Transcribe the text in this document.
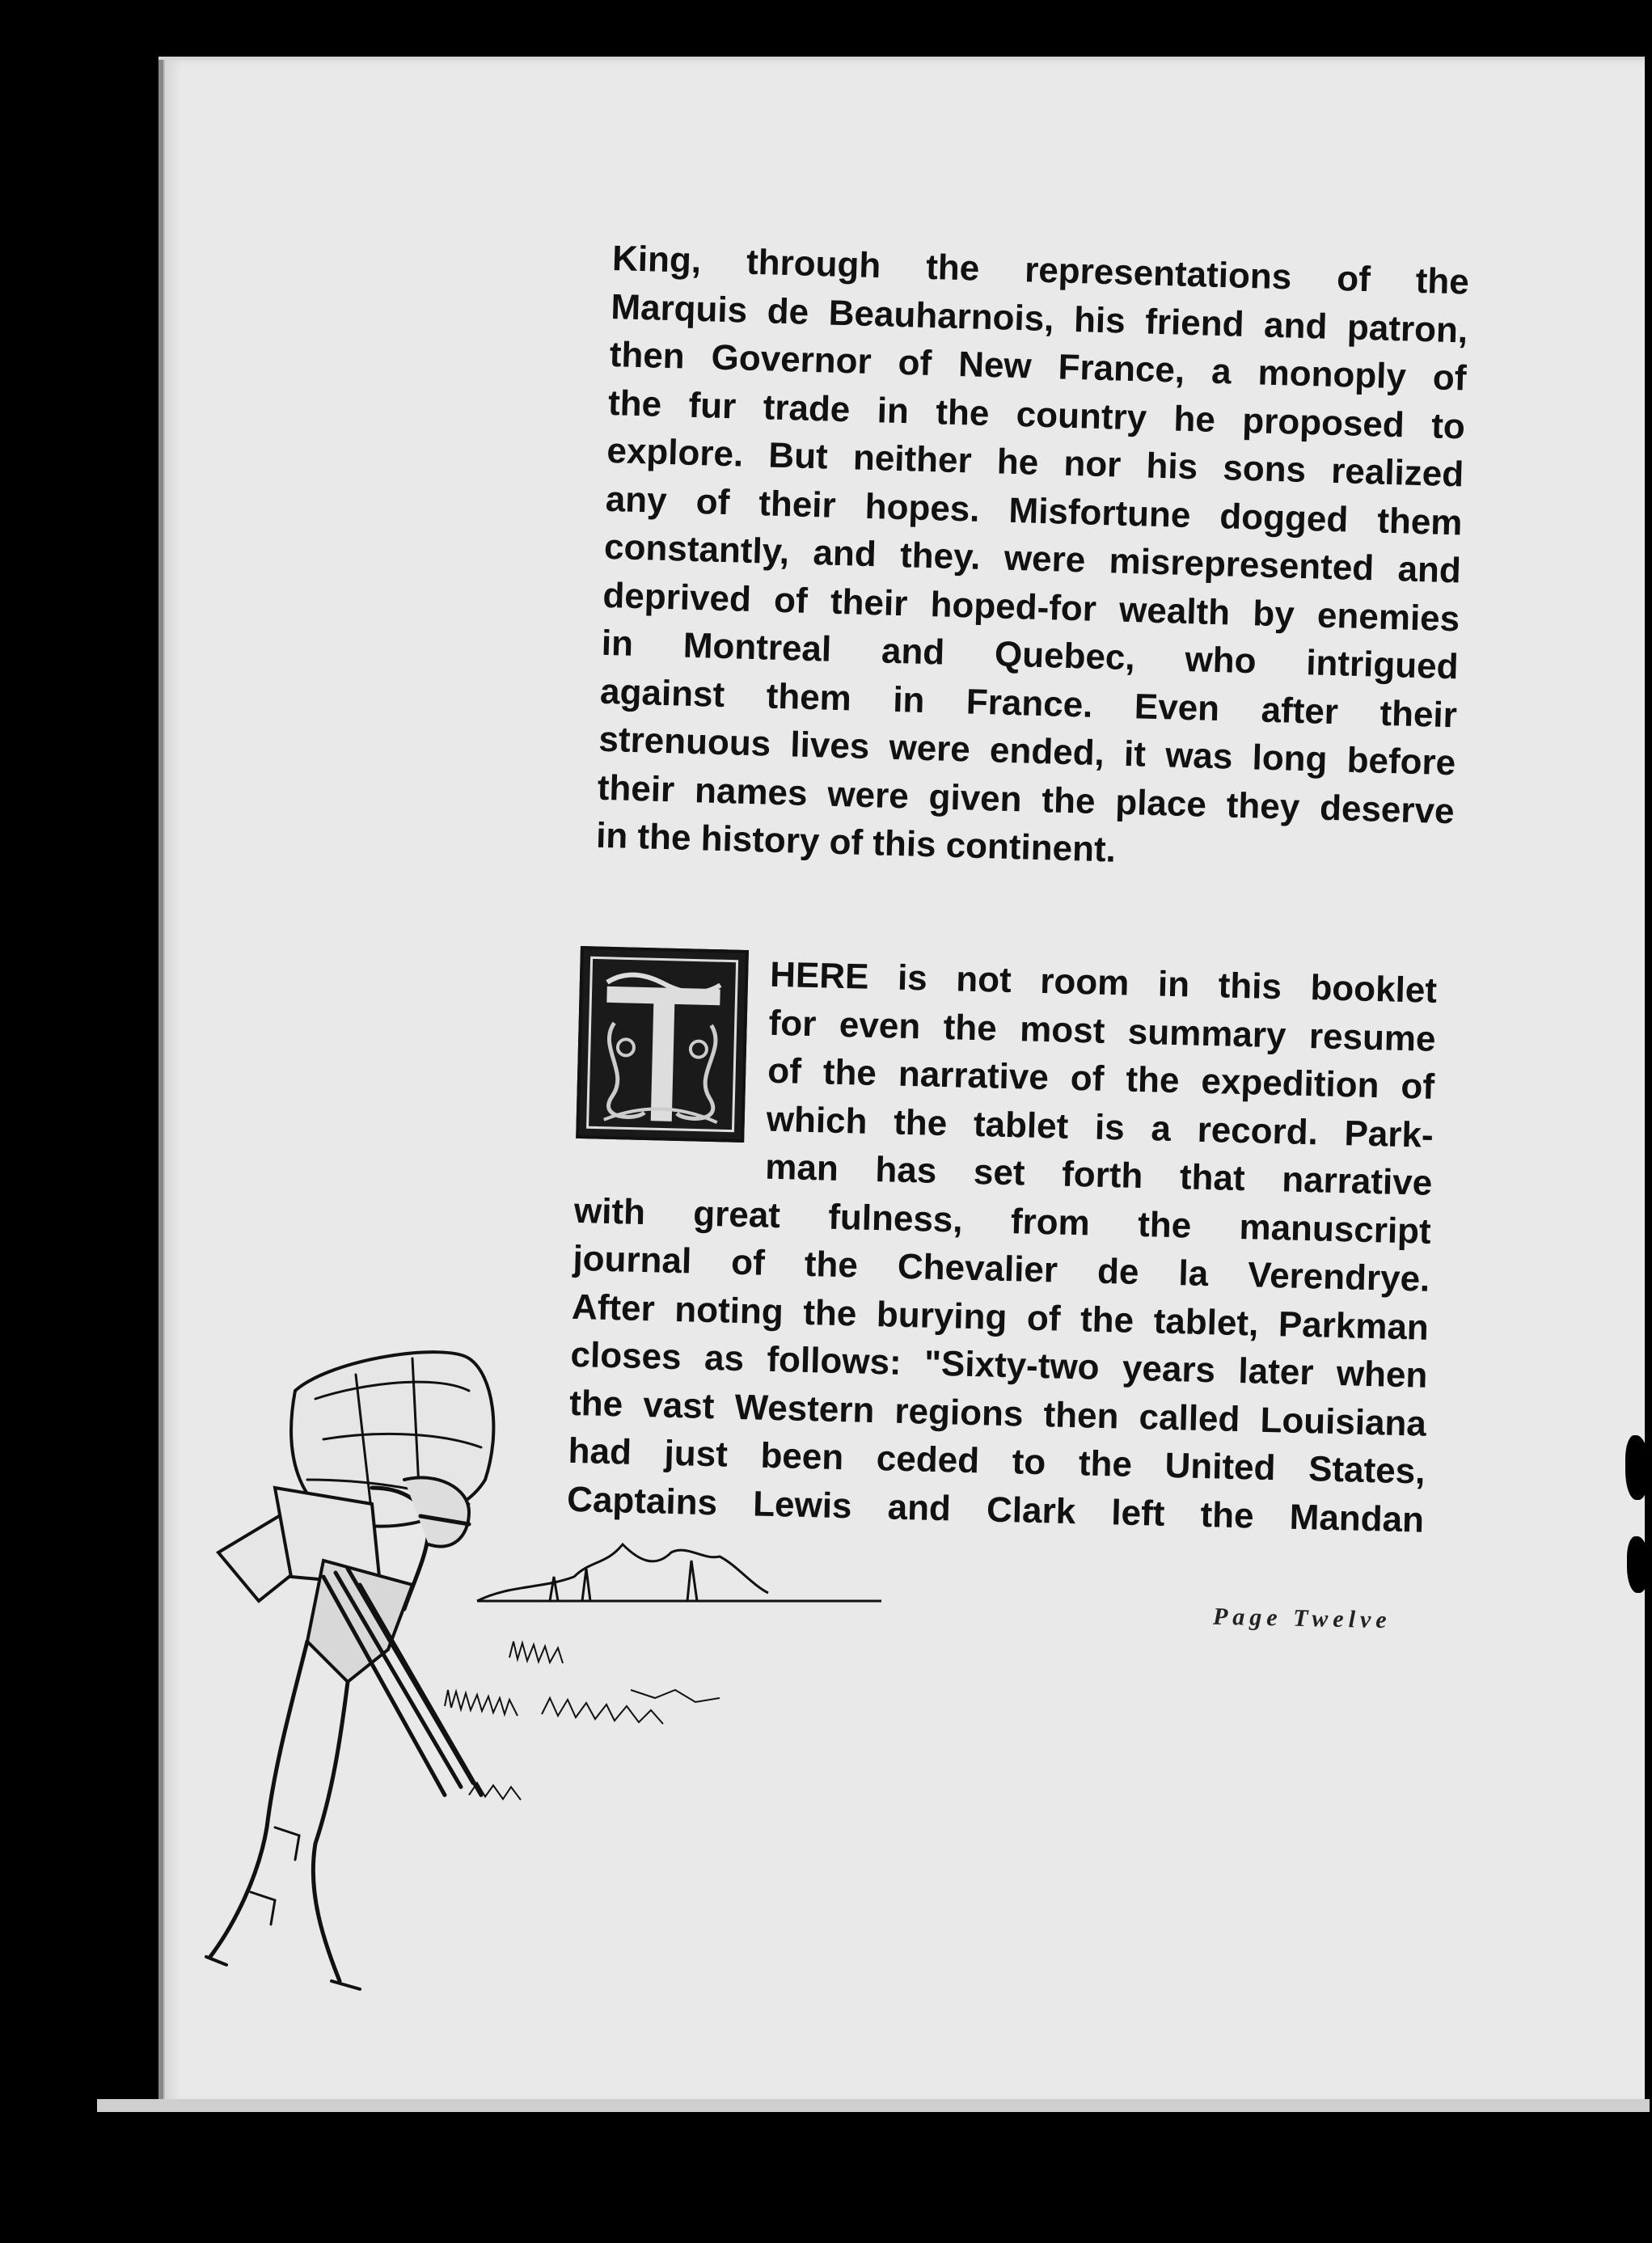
King, through the representations of the
Marquis de Beauharnois, his friend and patron,
then Governor of New France, a monoply of
the fur trade in the country he proposed to
explore. But neither he nor his sons realized
any of their hopes. Misfortune dogged them
constantly, and they. were misrepresented and
deprived of their hoped-for wealth by enemies
in Montreal and Quebec, who intrigued
against them in France. Even after their
strenuous lives were ended, it was long before
their names were given the place they deserve
in the history of this continent.
HERE is not room in this booklet
for even the most summary resume
of the narrative of the expedition of
which the tablet is a record. Park-
man has set forth that narrative
with great fulness, from the manuscript
journal of the Chevalier de la Verendrye.
After noting the burying of the tablet, Parkman
closes as follows: "Sixty-two years later when
the vast Western regions then called Louisiana
had just been ceded to the United States,
Captains Lewis and Clark left the Mandan
Page Twelve
